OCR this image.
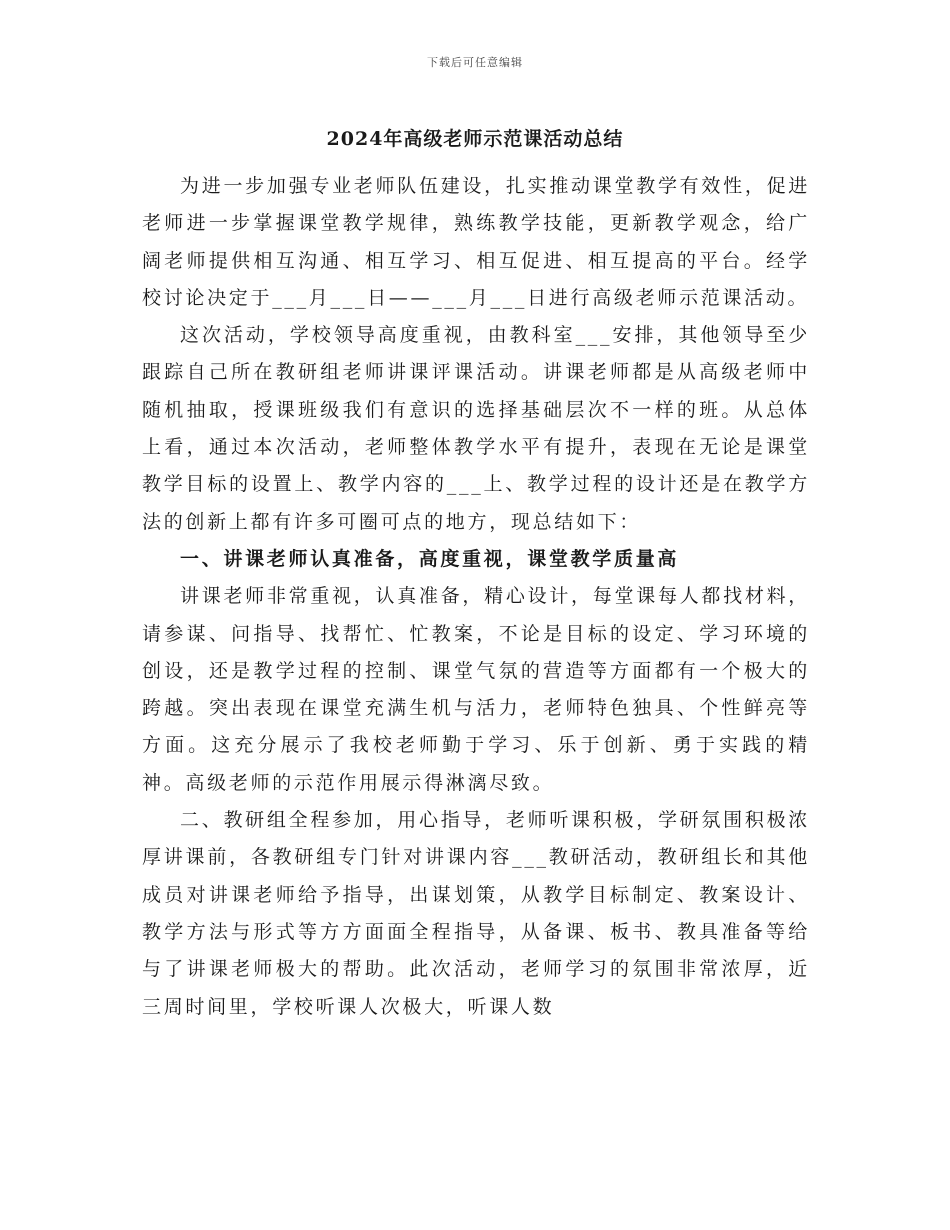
下载后可任意编辑
2024年高级老师示范课活动总结

为进一步加强专业老师队伍建设，扎实推动课堂教学有效性，促进老师进一步掌握课堂教学规律，熟练教学技能，更新教学观念，给广阔老师提供相互沟通、相互学习、相互促进、相互提高的平台。经学校讨论决定于___月___日——___月___日进行高级老师示范课活动。

这次活动，学校领导高度重视，由教科室___安排，其他领导至少跟踪自己所在教研组老师讲课评课活动。讲课老师都是从高级老师中随机抽取，授课班级我们有意识的选择基础层次不一样的班。从总体上看，通过本次活动，老师整体教学水平有提升，表现在无论是课堂教学目标的设置上、教学内容的___上、教学过程的设计还是在教学方法的创新上都有许多可圈可点的地方，现总结如下：

一、讲课老师认真准备，高度重视，课堂教学质量高

讲课老师非常重视，认真准备，精心设计，每堂课每人都找材料，请参谋、问指导、找帮忙、忙教案，不论是目标的设定、学习环境的创设，还是教学过程的控制、课堂气氛的营造等方面都有一个极大的跨越。突出表现在课堂充满生机与活力，老师特色独具、个性鲜亮等方面。这充分展示了我校老师勤于学习、乐于创新、勇于实践的精神。高级老师的示范作用展示得淋漓尽致。

二、教研组全程参加，用心指导，老师听课积极，学研氛围积极浓厚讲课前，各教研组专门针对讲课内容___教研活动，教研组长和其他成员对讲课老师给予指导，出谋划策，从教学目标制定、教案设计、教学方法与形式等方方面面全程指导，从备课、板书、教具准备等给与了讲课老师极大的帮助。此次活动，老师学习的氛围非常浓厚，近三周时间里，学校听课人次极大，听课人数
